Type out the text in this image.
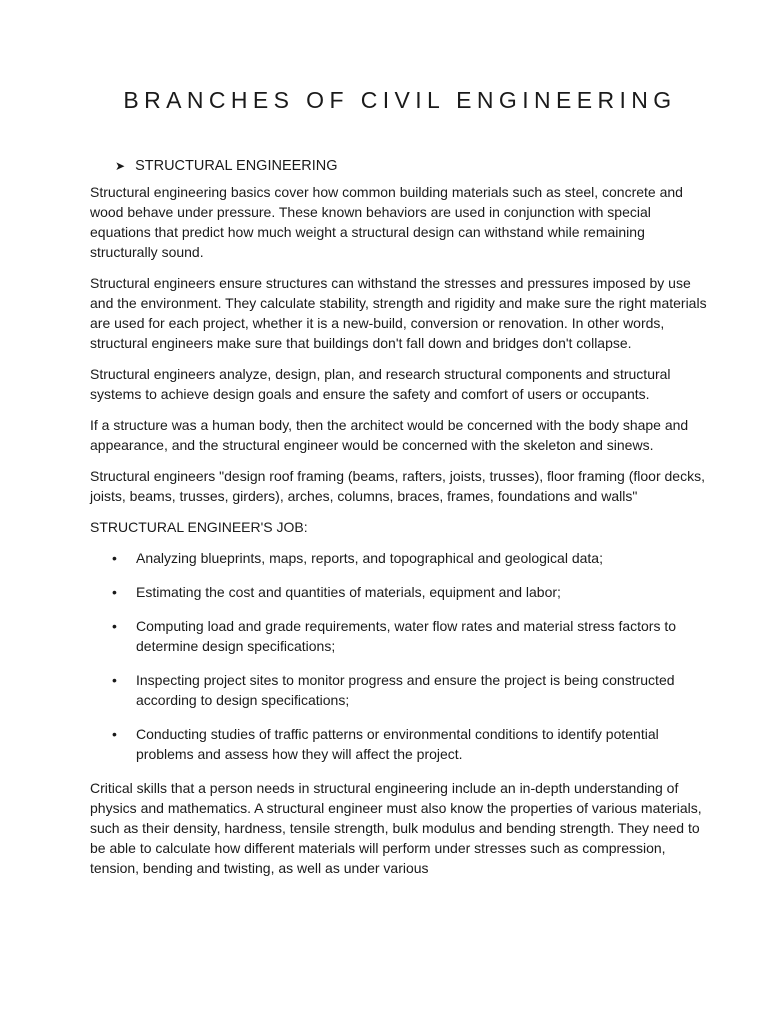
BRANCHES OF CIVIL ENGINEERING
➤ STRUCTURAL ENGINEERING

Structural engineering basics cover how common building materials such as steel, concrete and wood behave under pressure. These known behaviors are used in conjunction with special equations that predict how much weight a structural design can withstand while remaining structurally sound.

Structural engineers ensure structures can withstand the stresses and pressures imposed by use and the environment. They calculate stability, strength and rigidity and make sure the right materials are used for each project, whether it is a new-build, conversion or renovation. In other words, structural engineers make sure that buildings don't fall down and bridges don't collapse.

Structural engineers analyze, design, plan, and research structural components and structural systems to achieve design goals and ensure the safety and comfort of users or occupants.

If a structure was a human body, then the architect would be concerned with the body shape and appearance, and the structural engineer would be concerned with the skeleton and sinews.

Structural engineers "design roof framing (beams, rafters, joists, trusses), floor framing (floor decks, joists, beams, trusses, girders), arches, columns, braces, frames, foundations and walls"

STRUCTURAL ENGINEER'S JOB:

• Analyzing blueprints, maps, reports, and topographical and geological data;
• Estimating the cost and quantities of materials, equipment and labor;
• Computing load and grade requirements, water flow rates and material stress factors to determine design specifications;
• Inspecting project sites to monitor progress and ensure the project is being constructed according to design specifications;
• Conducting studies of traffic patterns or environmental conditions to identify potential problems and assess how they will affect the project.

Critical skills that a person needs in structural engineering include an in-depth understanding of physics and mathematics. A structural engineer must also know the properties of various materials, such as their density, hardness, tensile strength, bulk modulus and bending strength. They need to be able to calculate how different materials will perform under stresses such as compression, tension, bending and twisting, as well as under various
